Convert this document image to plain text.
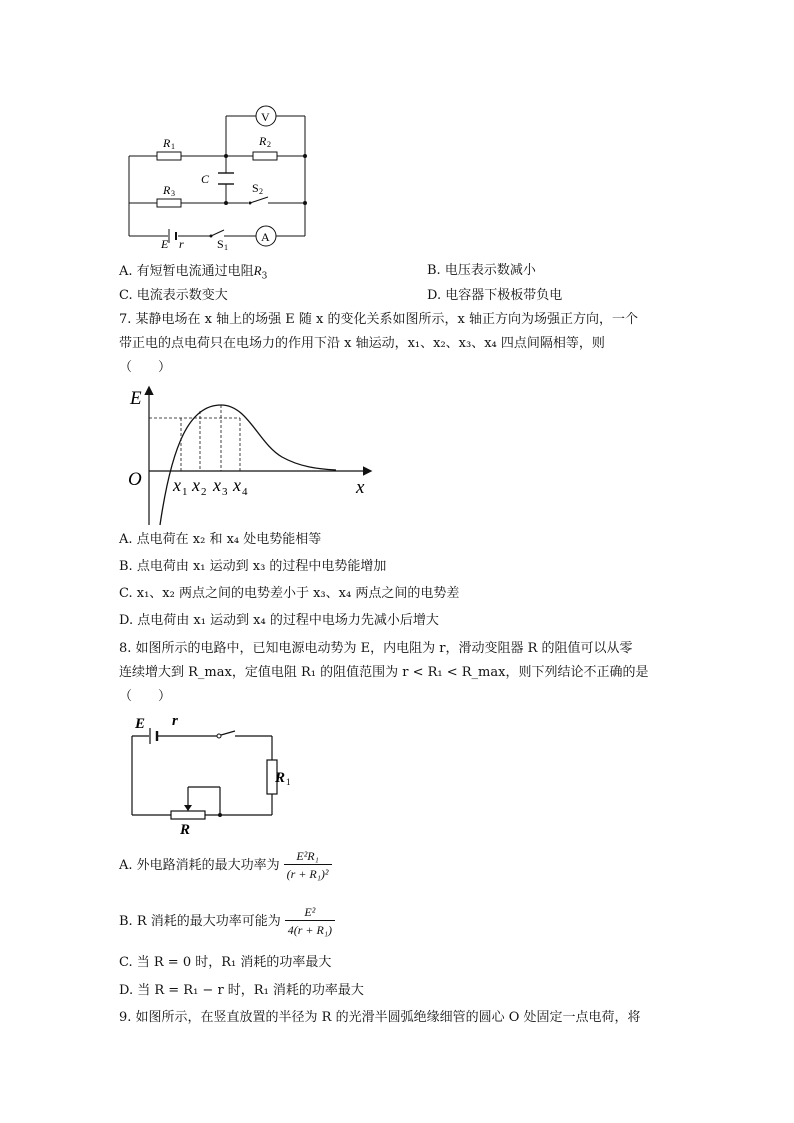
V
A
R 1	R 2
R 3
C
S 2
E r	S 1
A. 有短暂电流通过电阻$R_3$	B. 电压表示数减小
C. 电流表示数变大	D. 电容器下极板带负电
7. 某静电场在 x 轴上的场强 E 随 x 的变化关系如图所示，x 轴正方向为场强正方向，一个
带正电的点电荷只在电场力的作用下沿 x 轴运动，x₁、x₂、x₃、x₄ 四点间隔相等，则
（　　）
E
O	x
x 1 x 2 x 3 x 4
A. 点电荷在 x₂ 和 x₄ 处电势能相等
B. 点电荷由 x₁ 运动到 x₃ 的过程中电势能增加
C. x₁、x₂ 两点之间的电势差小于 x₃、x₄ 两点之间的电势差
D. 点电荷由 x₁ 运动到 x₄ 的过程中电场力先减小后增大
8. 如图所示的电路中，已知电源电动势为 E，内电阻为 r，滑动变阻器 R 的阻值可以从零
连续增大到 R_max，定值电阻 R₁ 的阻值范围为 r < R₁ < R_max，则下列结论不正确的是
（　　）
E r
R 1
R
A. 外电路消耗的最大功率为 $\frac{\text{E²R₁}}{\text{(r + R₁)²}}$
B. R 消耗的最大功率可能为 $\frac{\text{E²}}{\text{4(r + R₁)}}$
C. 当 R = 0 时，R₁ 消耗的功率最大
D. 当 R = R₁ − r 时，R₁ 消耗的功率最大
9. 如图所示，在竖直放置的半径为 R 的光滑半圆弧绝缘细管的圆心 O 处固定一点电荷，将
